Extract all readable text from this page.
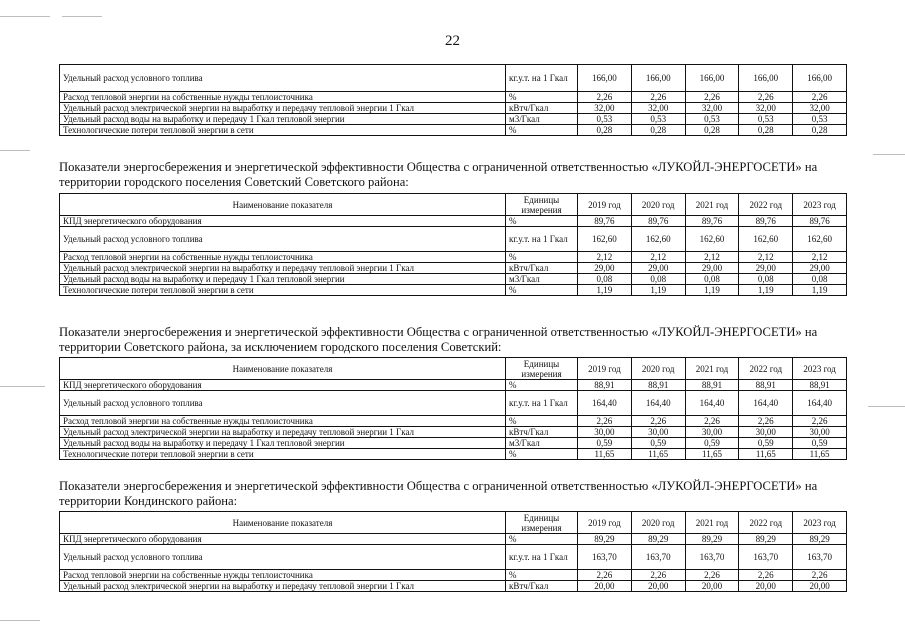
22
Удельный расход условного топлива	кг.у.т. на 1 Гкал	166,00	166,00	166,00	166,00	166,00
Расход тепловой энергии на собственные нужды теплоисточника	%	2,26	2,26	2,26	2,26	2,26
Удельный расход электрической энергии на выработку и передачу тепловой энергии 1 Гкал	кВтч/Гкал	32,00	32,00	32,00	32,00	32,00
Удельный расход воды на выработку и передачу 1 Гкал тепловой энергии	м3/Гкал	0,53	0,53	0,53	0,53	0,53
Технологические потери тепловой энергии в сети	%	0,28	0,28	0,28	0,28	0,28
Показатели энергосбережения и энергетической эффективности Общества с ограниченной ответственностью «ЛУКОЙЛ-ЭНЕРГОСЕТИ» на территории городского поселения Советский Советского района:
Наименование показателя	Единицы измерения	2019 год	2020 год	2021 год	2022 год	2023 год
КПД энергетического оборудования	%	89,76	89,76	89,76	89,76	89,76
Удельный расход условного топлива	кг.у.т. на 1 Гкал	162,60	162,60	162,60	162,60	162,60
Расход тепловой энергии на собственные нужды теплоисточника	%	2,12	2,12	2,12	2,12	2,12
Удельный расход электрической энергии на выработку и передачу тепловой энергии 1 Гкал	кВтч/Гкал	29,00	29,00	29,00	29,00	29,00
Удельный расход воды на выработку и передачу 1 Гкал тепловой энергии	м3/Гкал	0,08	0,08	0,08	0,08	0,08
Технологические потери тепловой энергии в сети	%	1,19	1,19	1,19	1,19	1,19
Показатели энергосбережения и энергетической эффективности Общества с ограниченной ответственностью «ЛУКОЙЛ-ЭНЕРГОСЕТИ» на территории Советского района, за исключением городского поселения Советский:
Наименование показателя	Единицы измерения	2019 год	2020 год	2021 год	2022 год	2023 год
КПД энергетического оборудования	%	88,91	88,91	88,91	88,91	88,91
Удельный расход условного топлива	кг.у.т. на 1 Гкал	164,40	164,40	164,40	164,40	164,40
Расход тепловой энергии на собственные нужды теплоисточника	%	2,26	2,26	2,26	2,26	2,26
Удельный расход электрической энергии на выработку и передачу тепловой энергии 1 Гкал	кВтч/Гкал	30,00	30,00	30,00	30,00	30,00
Удельный расход воды на выработку и передачу 1 Гкал тепловой энергии	м3/Гкал	0,59	0,59	0,59	0,59	0,59
Технологические потери тепловой энергии в сети	%	11,65	11,65	11,65	11,65	11,65
Показатели энергосбережения и энергетической эффективности Общества с ограниченной ответственностью «ЛУКОЙЛ-ЭНЕРГОСЕТИ» на территории Кондинского района:
Наименование показателя	Единицы измерения	2019 год	2020 год	2021 год	2022 год	2023 год
КПД энергетического оборудования	%	89,29	89,29	89,29	89,29	89,29
Удельный расход условного топлива	кг.у.т. на 1 Гкал	163,70	163,70	163,70	163,70	163,70
Расход тепловой энергии на собственные нужды теплоисточника	%	2,26	2,26	2,26	2,26	2,26
Удельный расход электрической энергии на выработку и передачу тепловой энергии 1 Гкал	кВтч/Гкал	20,00	20,00	20,00	20,00	20,00
